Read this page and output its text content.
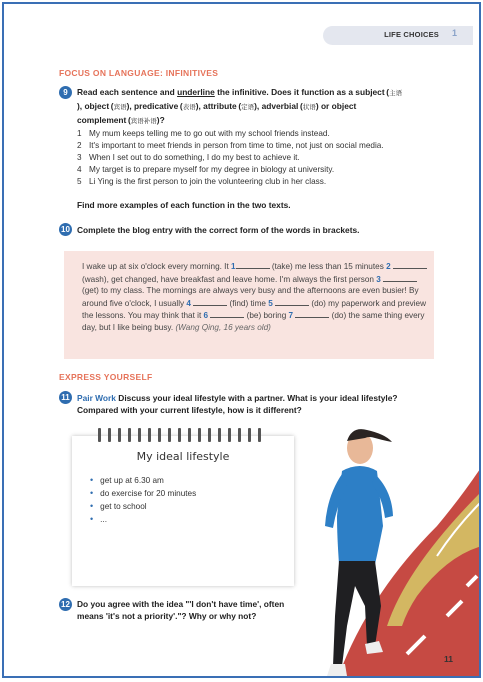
LIFE CHOICES 1
FOCUS ON LANGUAGE: INFINITIVES
9	Read each sentence and underline the infinitive. Does it function as a subject (主语
), object (宾语), predicative (表语), attribute (定语), adverbial (状语) or object
complement (宾语补语)?
1 My mum keeps telling me to go out with my school friends instead.
2 It's important to meet friends in person from time to time, not just on social media.
3 When I set out to do something, I do my best to achieve it.
4 My target is to prepare myself for my degree in biology at university.
5 Li Ying is the first person to join the volunteering club in her class.
Find more examples of each function in the two texts.
10 Complete the blog entry with the correct form of the words in brackets.
I wake up at six o'clock every morning. It 1	(take) me less than 15 minutes 2  (wash), get changed, have breakfast and leave home. I'm always the first person 3  (get) to my class. The mornings are always very busy and the afternoons are even busier! By around five o'clock, I usually 4	(find) time 5	(do) my paperwork and preview the lessons. You may think that it 6	(be) boring 7	(do) the same thing every day, but I like being busy. (Wang Qing, 16 years old)
EXPRESS YOURSELF
11 Pair Work Discuss your ideal lifestyle with a partner. What is your ideal lifestyle?
Compared with your current lifestyle, how is it different?
My ideal lifestyle
• get up at 6.30 am
• do exercise for 20 minutes
• get to school
• ...
12 Do you agree with the idea "'I don't have time', often
means 'it's not a priority'."? Why or why not?
11
